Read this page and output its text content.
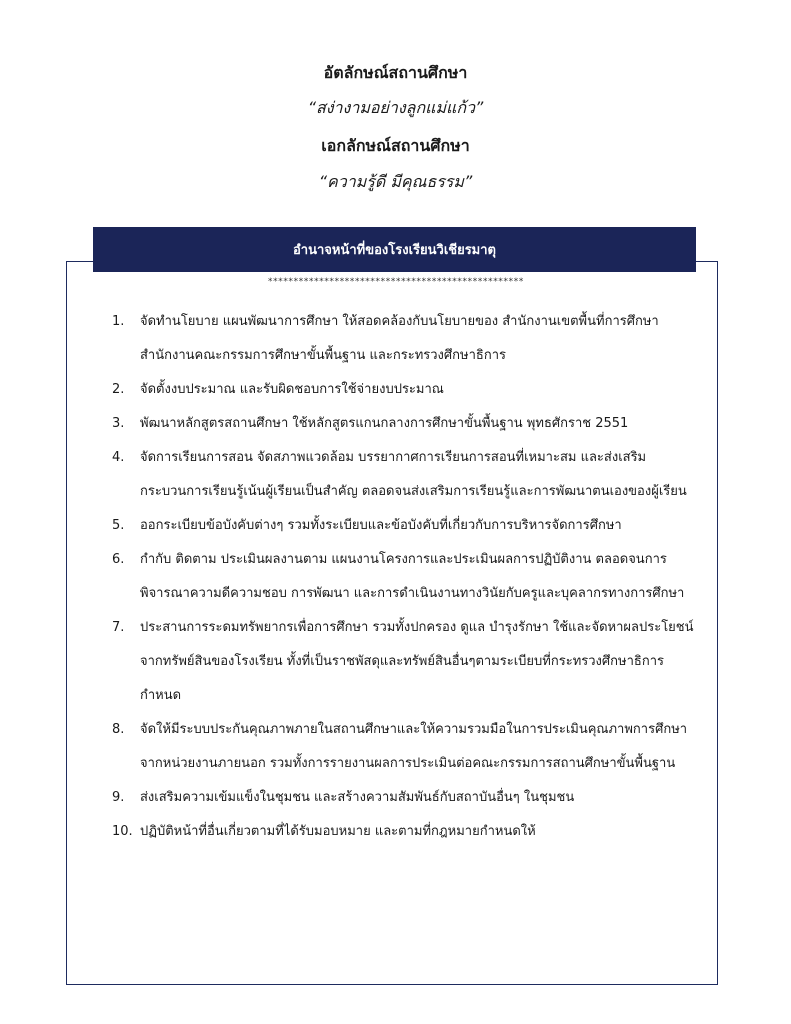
อัตลักษณ์สถานศึกษา

“สง่างามอย่างลูกแม่แก้ว”

เอกลักษณ์สถานศึกษา

“ความรู้ดี มีคุณธรรม”

อำนาจหน้าที่ของโรงเรียนวิเชียรมาตุ
**************************************************
1.	จัดทำนโยบาย แผนพัฒนาการศึกษา ให้สอดคล้องกับนโยบายของ สำนักงานเขตพื้นที่การศึกษา สำนักงานคณะกรรมการศึกษาขั้นพื้นฐาน และกระทรวงศึกษาธิการ
2.	จัดตั้งงบประมาณ และรับผิดชอบการใช้จ่ายงบประมาณ
3.	พัฒนาหลักสูตรสถานศึกษา ใช้หลักสูตรแกนกลางการศึกษาขั้นพื้นฐาน พุทธศักราช 2551
4.	จัดการเรียนการสอน จัดสภาพแวดล้อม บรรยากาศการเรียนการสอนที่เหมาะสม และส่งเสริมกระบวนการเรียนรู้เน้นผู้เรียนเป็นสำคัญ ตลอดจนส่งเสริมการเรียนรู้และการพัฒนาตนเองของผู้เรียน
5.	ออกระเบียบข้อบังคับต่างๆ รวมทั้งระเบียบและข้อบังคับที่เกี่ยวกับการบริหารจัดการศึกษา
6.	กำกับ ติดตาม ประเมินผลงานตาม แผนงานโครงการและประเมินผลการปฏิบัติงาน ตลอดจนการพิจารณาความดีความชอบ การพัฒนา และการดำเนินงานทางวินัยกับครูและบุคลากรทางการศึกษา
7.	ประสานการระดมทรัพยากรเพื่อการศึกษา รวมทั้งปกครอง ดูแล บำรุงรักษา ใช้และจัดหาผลประโยชน์จากทรัพย์สินของโรงเรียน ทั้งที่เป็นราชพัสดุและทรัพย์สินอื่นๆตามระเบียบที่กระทรวงศึกษาธิการกำหนด
8.	จัดให้มีระบบประกันคุณภาพภายในสถานศึกษาและให้ความรวมมือในการประเมินคุณภาพการศึกษาจากหน่วยงานภายนอก รวมทั้งการรายงานผลการประเมินต่อคณะกรรมการสถานศึกษาขั้นพื้นฐาน
9.	ส่งเสริมความเข้มแข็งในชุมชน และสร้างความสัมพันธ์กับสถาบันอื่นๆ ในชุมชน
10. ปฏิบัติหน้าที่อื่นเกี่ยวตามที่ได้รับมอบหมาย และตามที่กฎหมายกำหนดให้
